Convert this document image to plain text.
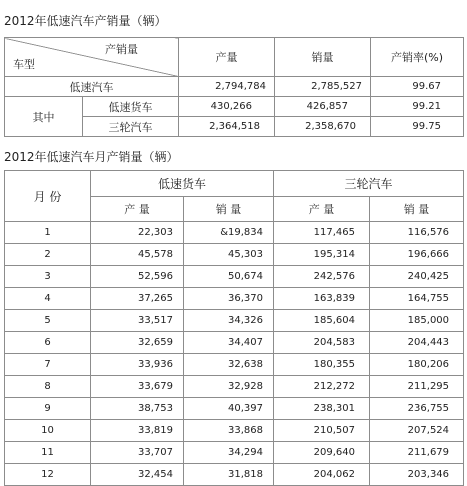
2012年低速汽车产销量（辆）
产销量
车型		产量	销量	产销率(%)
低速汽车		2,794,784	2,785,527	99.67
其中	低速货车	430,266	426,857	99.21
	三轮汽车	2,364,518	2,358,670	99.75
2012年低速汽车月产销量（辆）
月 份	低速货车		三轮汽车	
	产 量	销 量	产 量	销 量
1	22,303	&19,834	117,465	116,576
2	45,578	45,303	195,314	196,666
3	52,596	50,674	242,576	240,425
4	37,265	36,370	163,839	164,755
5	33,517	34,326	185,604	185,000
6	32,659	34,407	204,583	204,443
7	33,936	32,638	180,355	180,206
8	33,679	32,928	212,272	211,295
9	38,753	40,397	238,301	236,755
10	33,819	33,868	210,507	207,524
11	33,707	34,294	209,640	211,679
12	32,454	31,818	204,062	203,346
